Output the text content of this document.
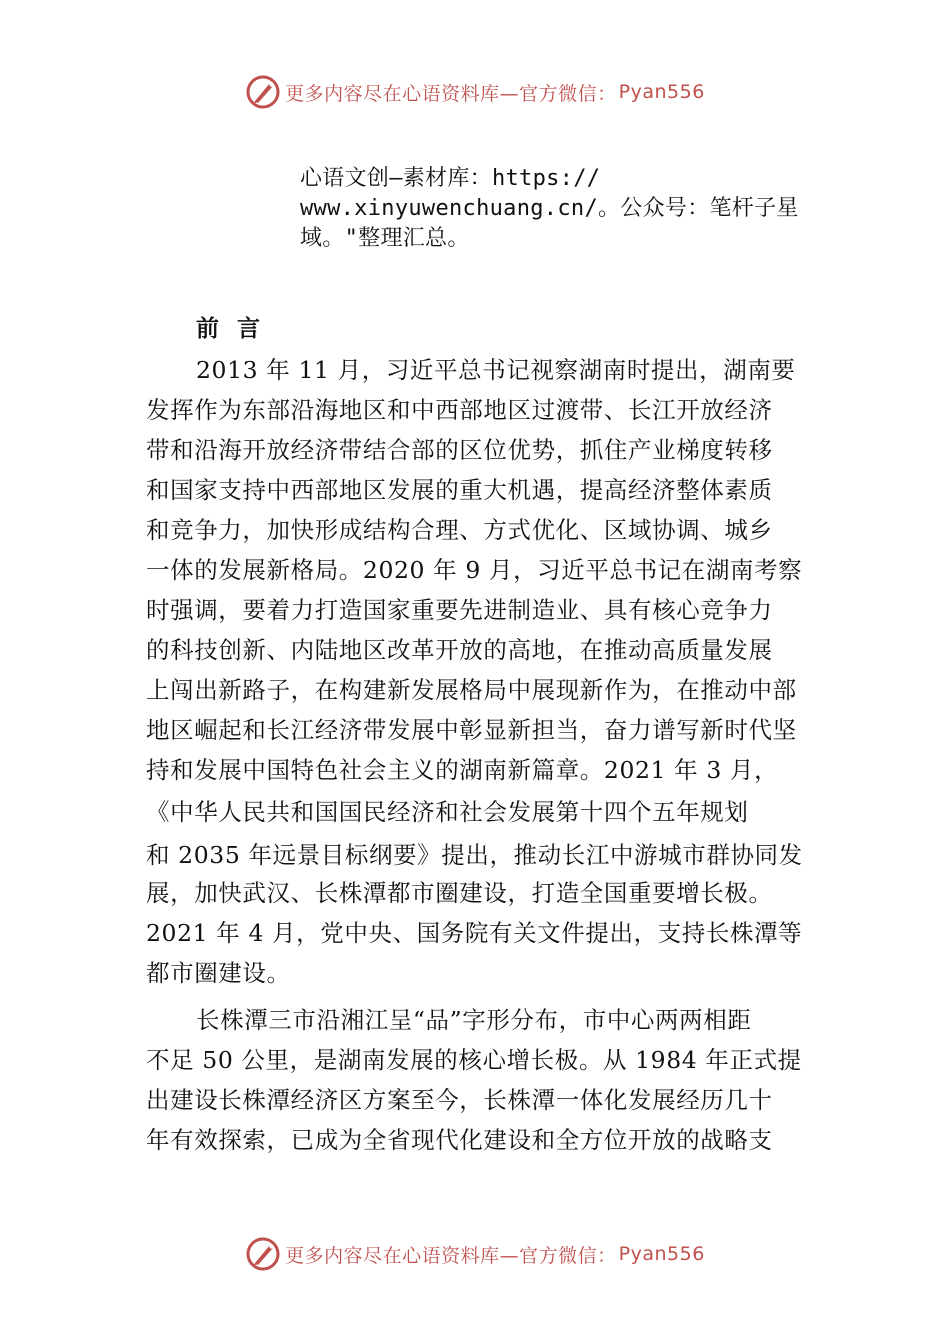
更多内容尽在心语资料库—官方微信： Pyan556
心语文创—素材库：https://
www.xinyuwenchuang.cn/。公众号：笔杆子星
域。"整理汇总。
前言
2013 年 11 月，习近平总书记视察湖南时提出，湖南要
发挥作为东部沿海地区和中西部地区过渡带、长江开放经济
带和沿海开放经济带结合部的区位优势，抓住产业梯度转移
和国家支持中西部地区发展的重大机遇，提高经济整体素质
和竞争力，加快形成结构合理、方式优化、区域协调、城乡
一体的发展新格局。2020 年 9 月，习近平总书记在湖南考察
时强调，要着力打造国家重要先进制造业、具有核心竞争力
的科技创新、内陆地区改革开放的高地，在推动高质量发展
上闯出新路子，在构建新发展格局中展现新作为，在推动中部
地区崛起和长江经济带发展中彰显新担当，奋力谱写新时代坚
持和发展中国特色社会主义的湖南新篇章。2021 年 3 月，
《中华人民共和国国民经济和社会发展第十四个五年规划
和 2035 年远景目标纲要》提出，推动长江中游城市群协同发
展，加快武汉、长株潭都市圈建设，打造全国重要增长极。
2021 年 4 月，党中央、国务院有关文件提出，支持长株潭等
都市圈建设。
长株潭三市沿湘江呈“品”字形分布，市中心两两相距
不足 50 公里，是湖南发展的核心增长极。从 1984 年正式提
出建设长株潭经济区方案至今，长株潭一体化发展经历几十
年有效探索，已成为全省现代化建设和全方位开放的战略支
更多内容尽在心语资料库—官方微信： Pyan556
